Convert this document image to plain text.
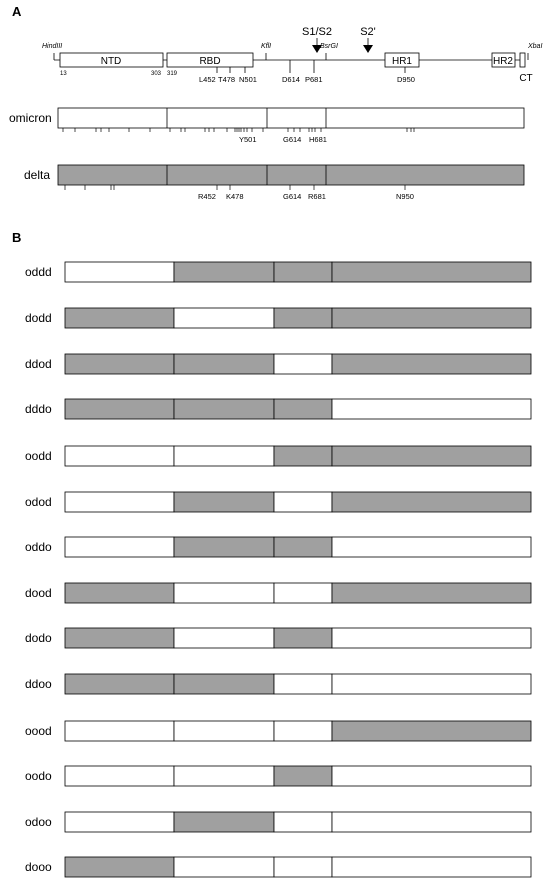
A
B
HindIII	KflI	BsrGI	XbaI
S1/S2	S2'
NTD	RBD	HR1	HR2
CT
13	303 319
L452 T478 N501	D614 P681	D950
omicron
Y501	G614 H681
delta
R452 K478	G614 R681	N950
oddd
dodd
ddod
dddo
oodd
odod
oddo
dood
dodo
ddoo
oood
oodo
odoo
dooo
